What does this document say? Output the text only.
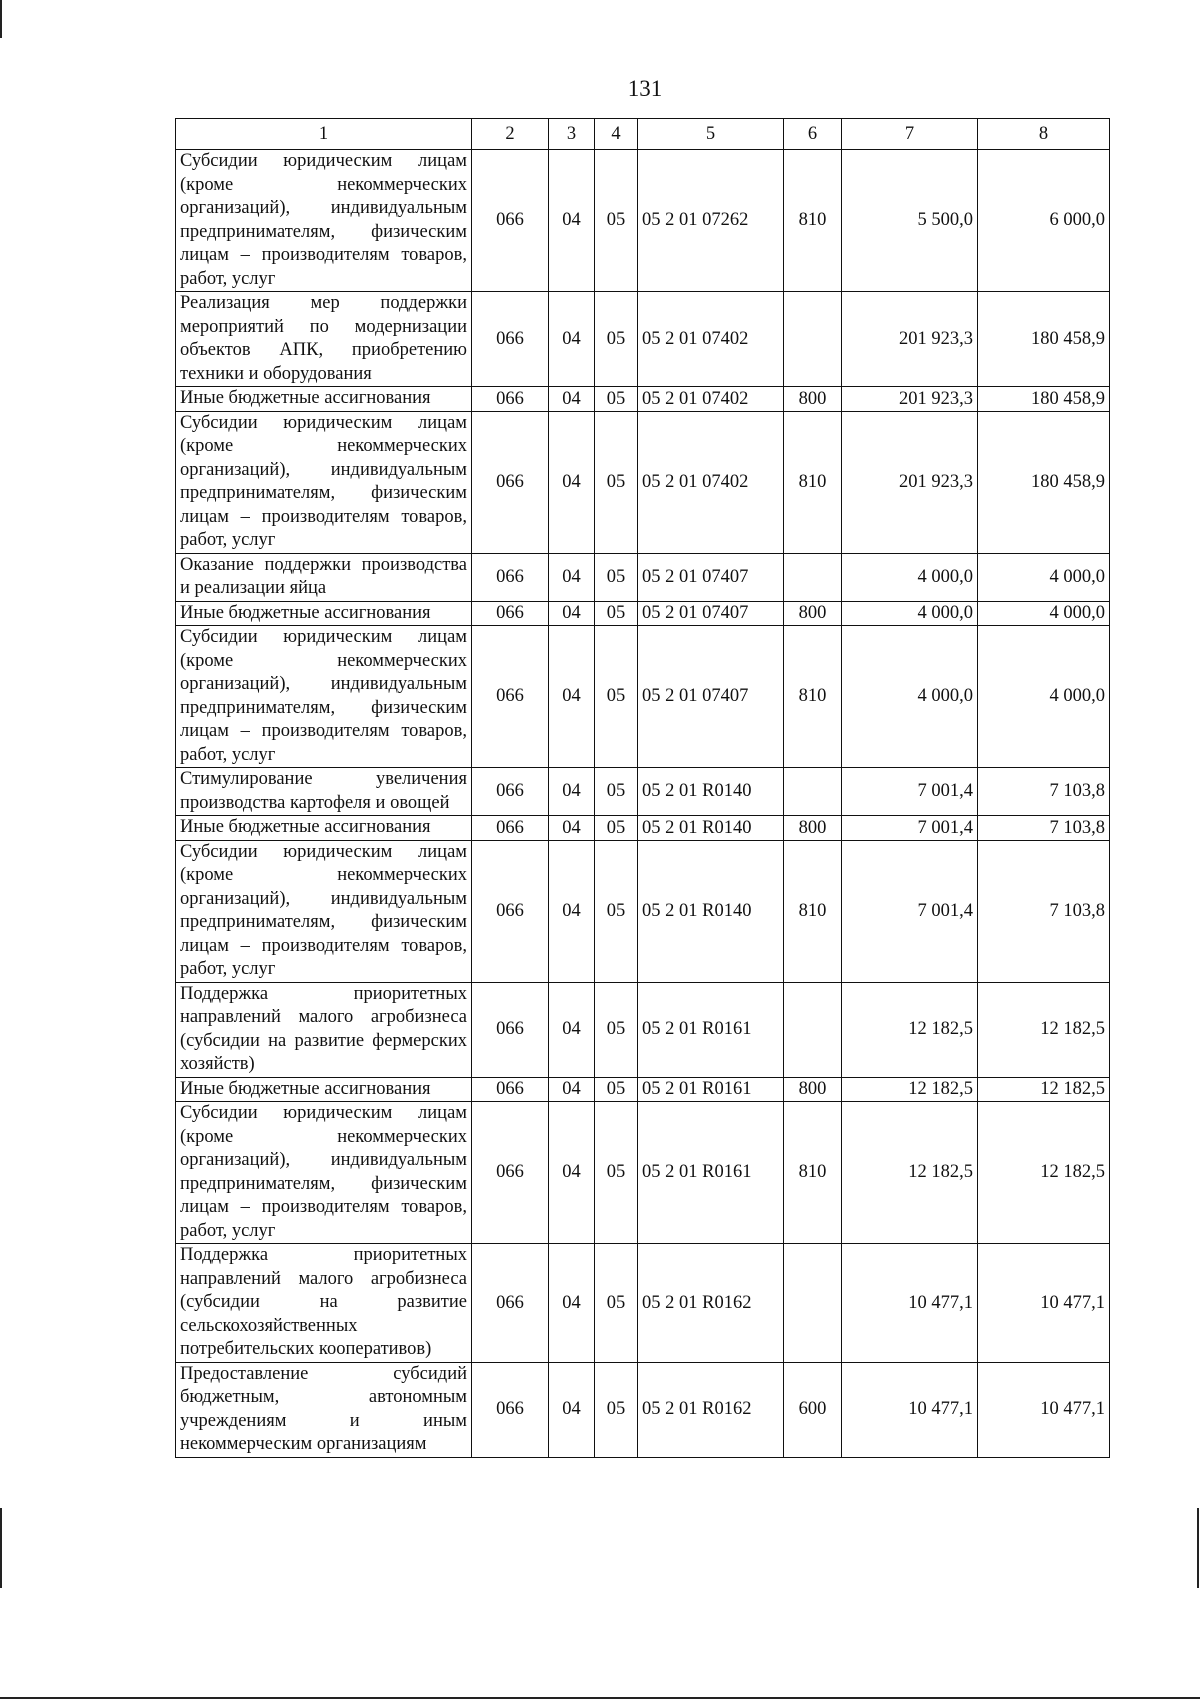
131
1	2	3	4	5	6	7	8
Субсидии юридическим лицам (кроме некоммерческих организаций), индивидуальным предпринимателям, физическим лицам – производителям товаров, работ, услуг	066	04	05	05 2 01 07262	810	5 500,0	6 000,0
Реализация мер поддержки мероприятий по модернизации объектов АПК, приобретению техники и оборудования	066	04	05	05 2 01 07402		201 923,3	180 458,9
Иные бюджетные ассигнования	066	04	05	05 2 01 07402	800	201 923,3	180 458,9
Субсидии юридическим лицам (кроме некоммерческих организаций), индивидуальным предпринимателям, физическим лицам – производителям товаров, работ, услуг	066	04	05	05 2 01 07402	810	201 923,3	180 458,9
Оказание поддержки производства и реализации яйца	066	04	05	05 2 01 07407		4 000,0	4 000,0
Иные бюджетные ассигнования	066	04	05	05 2 01 07407	800	4 000,0	4 000,0
Субсидии юридическим лицам (кроме некоммерческих организаций), индивидуальным предпринимателям, физическим лицам – производителям товаров, работ, услуг	066	04	05	05 2 01 07407	810	4 000,0	4 000,0
Стимулирование увеличения производства картофеля и овощей	066	04	05	05 2 01 R0140		7 001,4	7 103,8
Иные бюджетные ассигнования	066	04	05	05 2 01 R0140	800	7 001,4	7 103,8
Субсидии юридическим лицам (кроме некоммерческих организаций), индивидуальным предпринимателям, физическим лицам – производителям товаров, работ, услуг	066	04	05	05 2 01 R0140	810	7 001,4	7 103,8
Поддержка приоритетных направлений малого агробизнеса (субсидии на развитие фермерских хозяйств)	066	04	05	05 2 01 R0161		12 182,5	12 182,5
Иные бюджетные ассигнования	066	04	05	05 2 01 R0161	800	12 182,5	12 182,5
Субсидии юридическим лицам (кроме некоммерческих организаций), индивидуальным предпринимателям, физическим лицам – производителям товаров, работ, услуг	066	04	05	05 2 01 R0161	810	12 182,5	12 182,5
Поддержка приоритетных направлений малого агробизнеса (субсидии на развитие сельскохозяйственных потребительских кооперативов)	066	04	05	05 2 01 R0162		10 477,1	10 477,1
Предоставление субсидий бюджетным, автономным учреждениям и иным некоммерческим организациям	066	04	05	05 2 01 R0162	600	10 477,1	10 477,1
